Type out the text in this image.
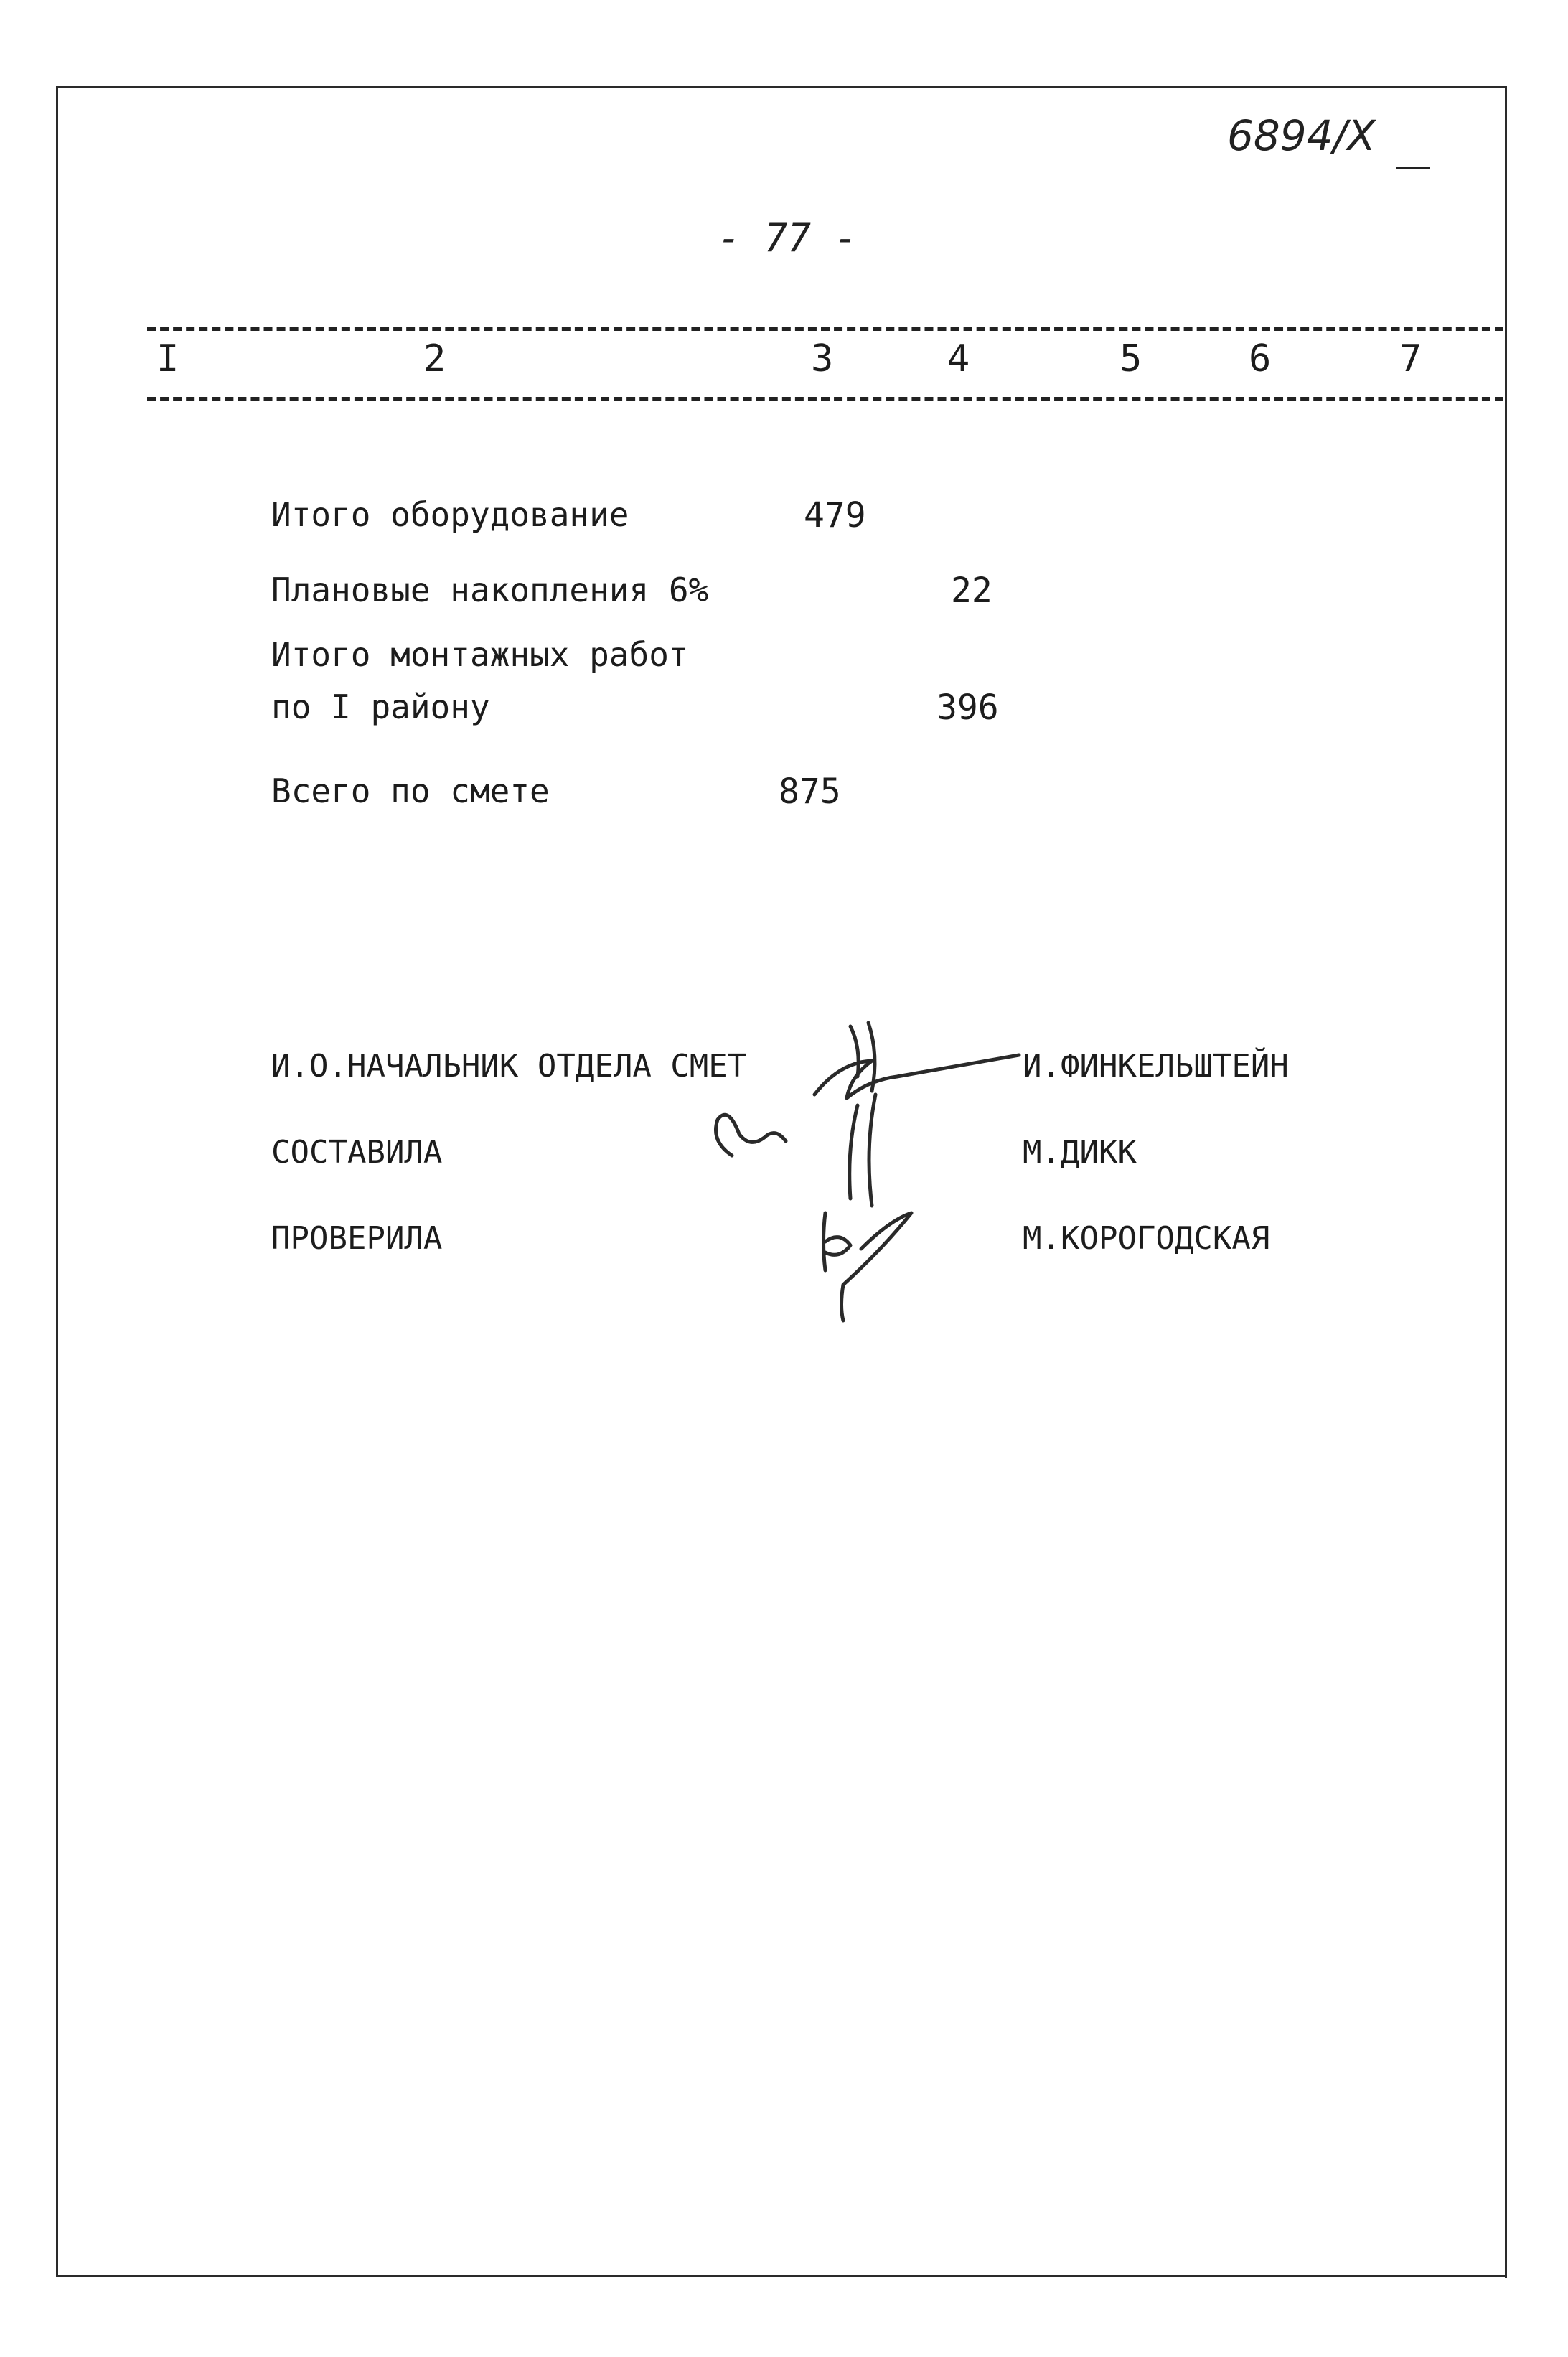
6894/X
- 77 -
I	2	3	4	5	6	7
Итого оборудование	479
Плановые накопления 6%	22
Итого монтажных работ
по I району	396
Всего по смете	875
И.О.НАЧАЛЬНИК ОТДЕЛА СМЕТ	И.ФИНКЕЛЬШТЕЙН
СОСТАВИЛА	М.ДИКК
ПРОВЕРИЛА	М.КОРОГОДСКАЯ
